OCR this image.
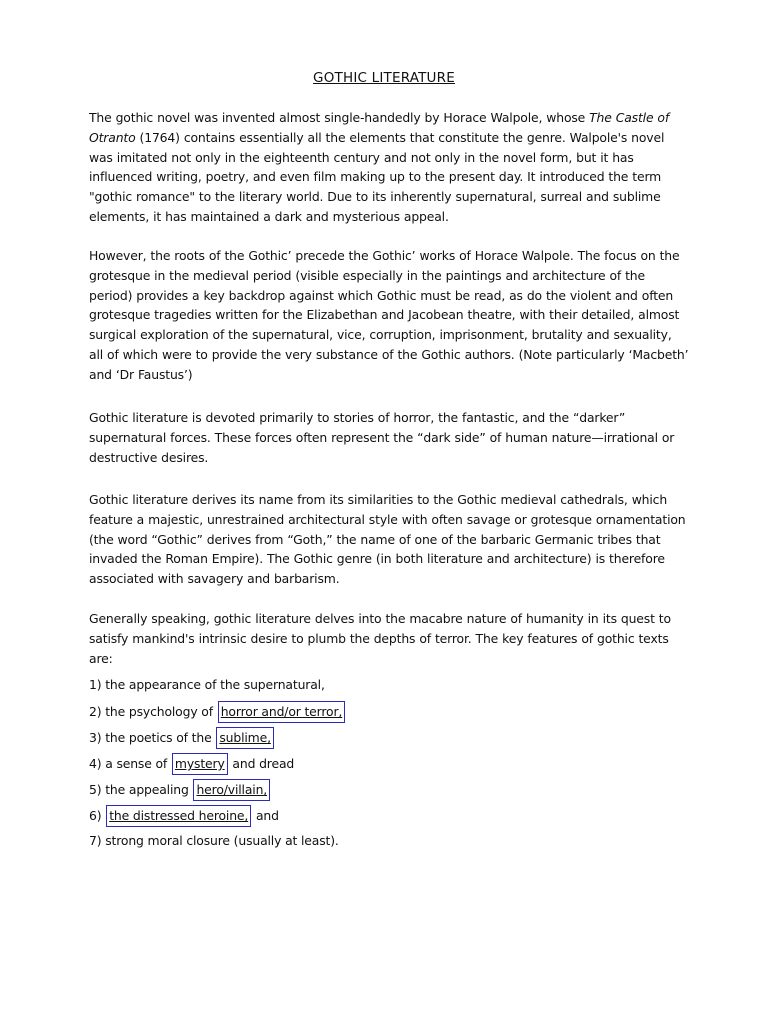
GOTHIC LITERATURE

The gothic novel was invented almost single-handedly by Horace Walpole, whose The Castle of Otranto (1764) contains essentially all the elements that constitute the genre. Walpole's novel was imitated not only in the eighteenth century and not only in the novel form, but it has influenced writing, poetry, and even film making up to the present day. It introduced the term "gothic romance" to the literary world. Due to its inherently supernatural, surreal and sublime elements, it has maintained a dark and mysterious appeal.

However, the roots of the Gothic’ precede the Gothic’ works of Horace Walpole. The focus on the grotesque in the medieval period (visible especially in the paintings and architecture of the period) provides a key backdrop against which Gothic must be read, as do the violent and often grotesque tragedies written for the Elizabethan and Jacobean theatre, with their detailed, almost surgical exploration of the supernatural, vice, corruption, imprisonment, brutality and sexuality, all of which were to provide the very substance of the Gothic authors. (Note particularly ‘Macbeth’ and ‘Dr Faustus’)

Gothic literature is devoted primarily to stories of horror, the fantastic, and the “darker” supernatural forces. These forces often represent the “dark side” of human nature—irrational or destructive desires.

Gothic literature derives its name from its similarities to the Gothic medieval cathedrals, which feature a majestic, unrestrained architectural style with often savage or grotesque ornamentation (the word “Gothic” derives from “Goth,” the name of one of the barbaric Germanic tribes that invaded the Roman Empire). The Gothic genre (in both literature and architecture) is therefore associated with savagery and barbarism.

Generally speaking, gothic literature delves into the macabre nature of humanity in its quest to satisfy mankind's intrinsic desire to plumb the depths of terror. The key features of gothic texts are:

1) the appearance of the supernatural,
2) the psychology of horror and/or terror,
3) the poetics of the sublime,
4) a sense of mystery and dread
5) the appealing hero/villain,
6) the distressed heroine, and
7) strong moral closure (usually at least).
